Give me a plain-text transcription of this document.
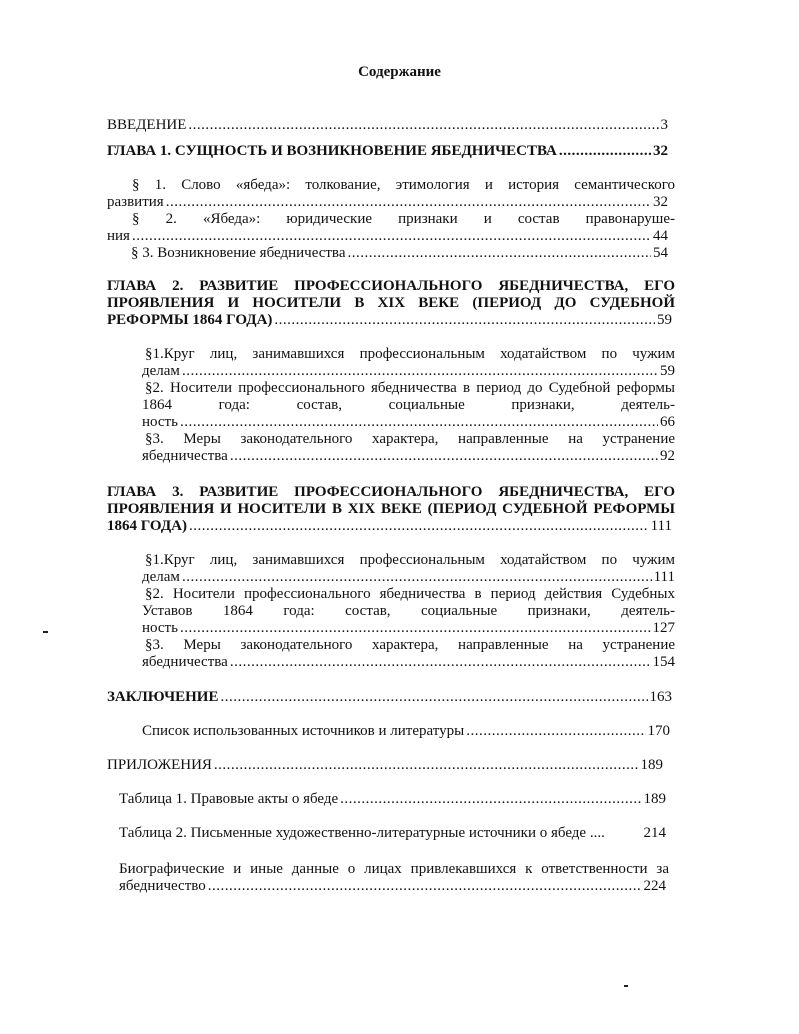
Содержание
ВВЕДЕНИЕ .....	3
ГЛАВА 1. СУЩНОСТЬ И ВОЗНИКНОВЕНИЕ ЯБЕДНИЧЕСТВА .....	32
§ 1. Слово «ябеда»: толкование, этимология и история семантического
развития .....	32
§ 2. «Ябеда»: юридические признаки и состав правонаруше-
ния .....	44
§ 3. Возникновение ябедничества .....	54
ГЛАВА 2. РАЗВИТИЕ ПРОФЕССИОНАЛЬНОГО ЯБЕДНИЧЕСТВА, ЕГО
ПРОЯВЛЕНИЯ И НОСИТЕЛИ В XIX ВЕКЕ (ПЕРИОД ДО СУДЕБНОЙ
РЕФОРМЫ 1864 ГОДА) .....	59
§1.Круг лиц, занимавшихся профессиональным ходатайством по чужим
делам .....	59
§2. Носители профессионального ябедничества в период до Судебной реформы
1864 года: состав, социальные признаки, деятель-
ность .....	66
§3. Меры законодательного характера, направленные на устранение
ябедничества .....	92
ГЛАВА 3. РАЗВИТИЕ ПРОФЕССИОНАЛЬНОГО ЯБЕДНИЧЕСТВА, ЕГО
ПРОЯВЛЕНИЯ И НОСИТЕЛИ В XIX ВЕКЕ (ПЕРИОД СУДЕБНОЙ РЕФОРМЫ
1864 ГОДА) .....	111
§1.Круг лиц, занимавшихся профессиональным ходатайством по чужим
делам .....	111
§2. Носители профессионального ябедничества в период действия Судебных
Уставов 1864 года: состав, социальные признаки, деятель-
ность .....	127
§3. Меры законодательного характера, направленные на устранение
ябедничества .....	154
ЗАКЛЮЧЕНИЕ .....	163
Список использованных источников и литературы .....	170
ПРИЛОЖЕНИЯ .....	189
Таблица 1. Правовые акты о ябеде .....	189
Таблица 2. Письменные художественно-литературные источники о ябеде ....	214
Биографические и иные данные о лицах привлекавшихся к ответственности за
ябедничество .....	224
